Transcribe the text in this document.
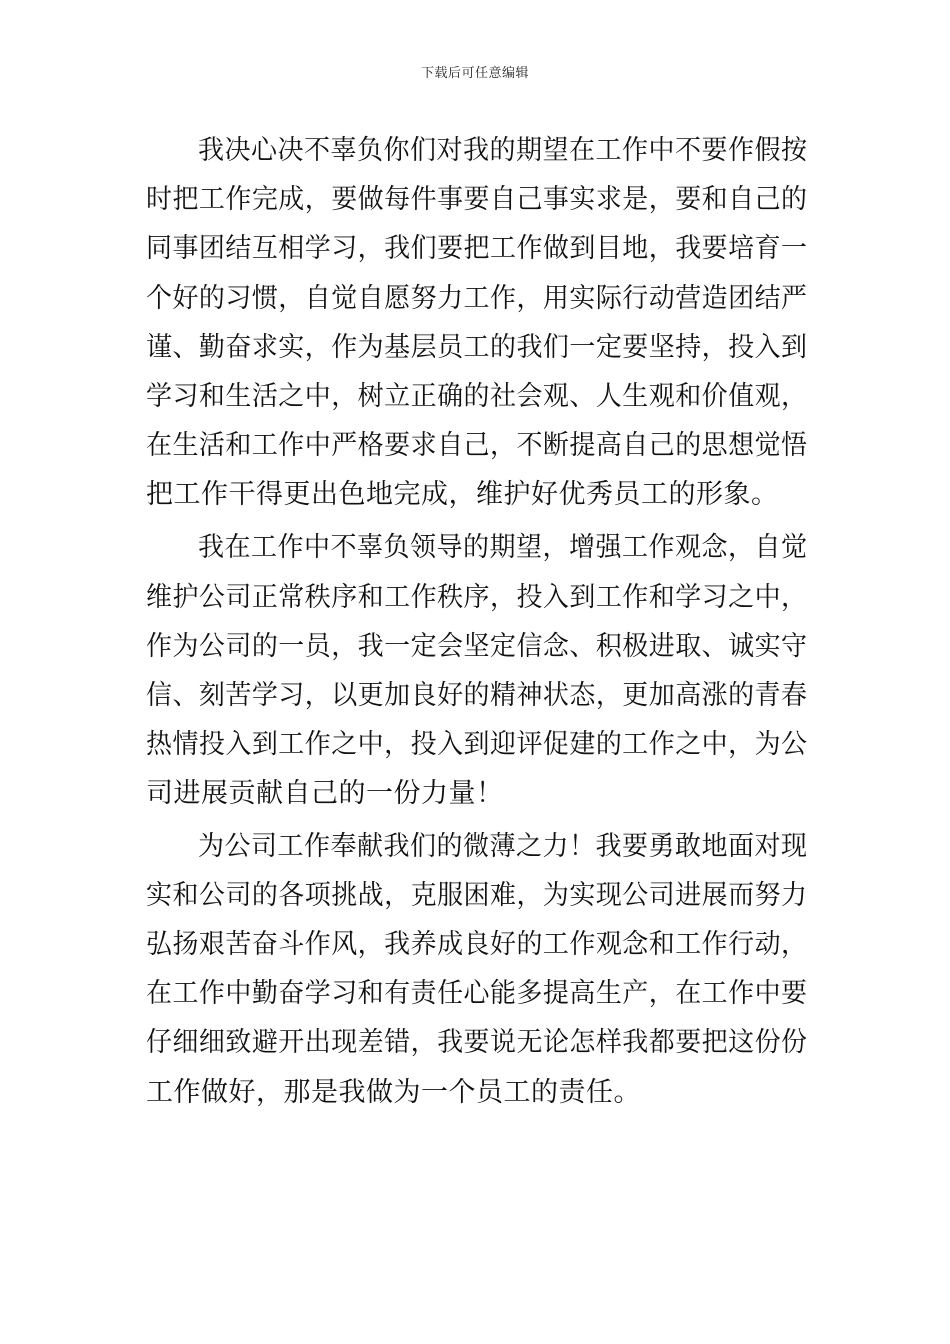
下载后可任意编辑
我决心决不辜负你们对我的期望在工作中不要作假按
时把工作完成，要做每件事要自己事实求是，要和自己的
同事团结互相学习，我们要把工作做到目地，我要培育一
个好的习惯，自觉自愿努力工作，用实际行动营造团结严
谨、勤奋求实，作为基层员工的我们一定要坚持，投入到
学习和生活之中，树立正确的社会观、人生观和价值观，
在生活和工作中严格要求自己，不断提高自己的思想觉悟
把工作干得更出色地完成，维护好优秀员工的形象。
我在工作中不辜负领导的期望，增强工作观念，自觉
维护公司正常秩序和工作秩序，投入到工作和学习之中，
作为公司的一员，我一定会坚定信念、积极进取、诚实守
信、刻苦学习，以更加良好的精神状态，更加高涨的青春
热情投入到工作之中，投入到迎评促建的工作之中，为公
司进展贡献自己的一份力量！
为公司工作奉献我们的微薄之力！我要勇敢地面对现
实和公司的各项挑战，克服困难，为实现公司进展而努力
弘扬艰苦奋斗作风，我养成良好的工作观念和工作行动，
在工作中勤奋学习和有责任心能多提高生产，在工作中要
仔细细致避开出现差错，我要说无论怎样我都要把这份份
工作做好，那是我做为一个员工的责任。
